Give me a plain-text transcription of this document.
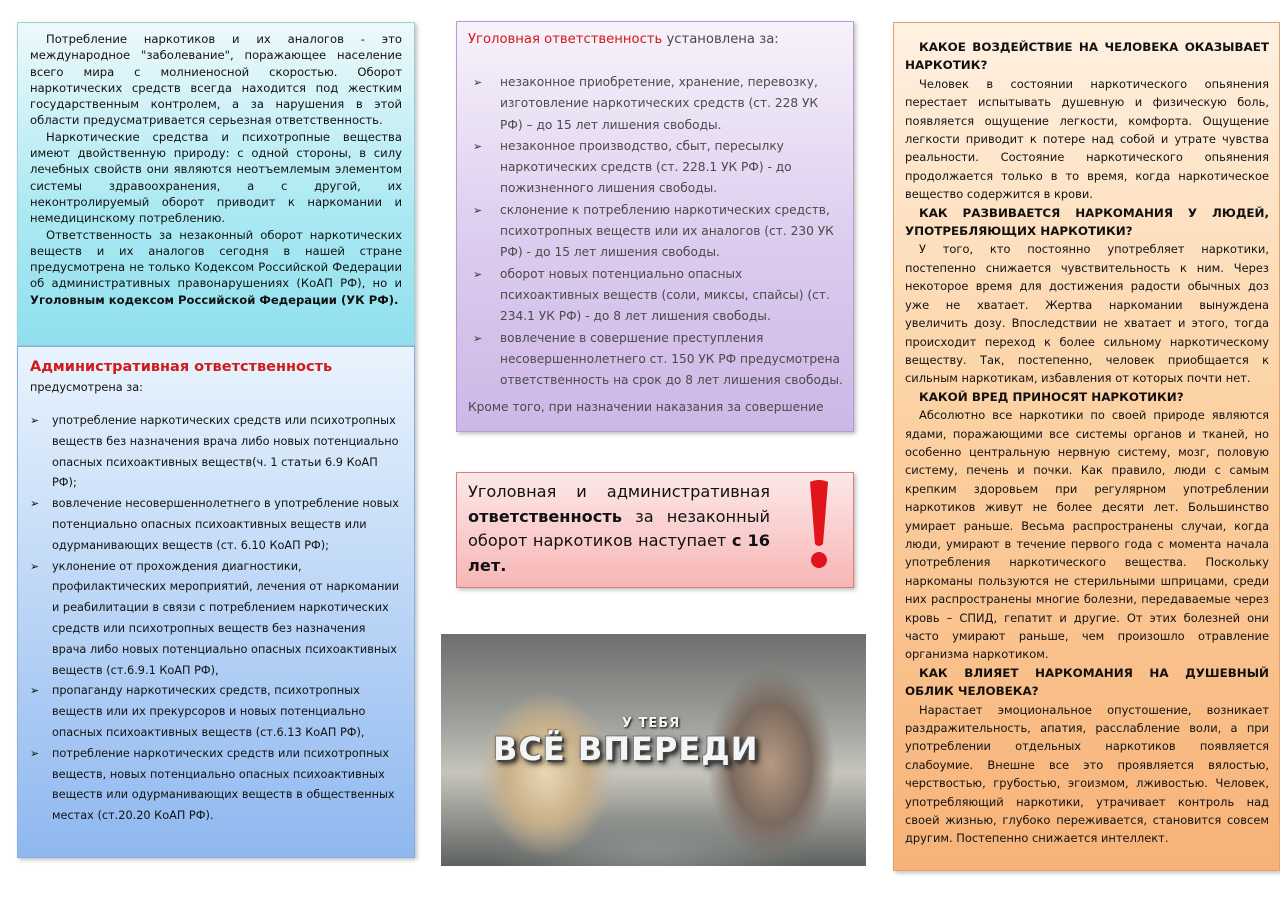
Потребление наркотиков и их аналогов - это международное "заболевание", поражающее население всего мира с молниеносной скоростью. Оборот наркотических средств всегда находится под жестким государственным контролем, а за нарушения в этой области предусматривается серьезная ответственность.

Наркотические средства и психотропные вещества имеют двойственную природу: с одной стороны, в силу лечебных свойств они являются неотъемлемым элементом системы здравоохранения, а с другой, их неконтролируемый оборот приводит к наркомании и немедицинскому потреблению.

Ответственность за незаконный оборот наркотических веществ и их аналогов сегодня в нашей стране предусмотрена не только Кодексом Российской Федерации об административных правонарушениях (КоАП РФ), но и Уголовным кодексом Российской Федерации (УК РФ).

Административная ответственность
предусмотрена за:
➢ употребление наркотических средств или психотропных веществ без назначения врача либо новых потенциально опасных психоактивных веществ(ч. 1 статьи 6.9 КоАП РФ);
➢ вовлечение несовершеннолетнего в употребление новых потенциально опасных психоактивных веществ или одурманивающих веществ (ст. 6.10 КоАП РФ);
➢ уклонение от прохождения диагностики, профилактических мероприятий, лечения от наркомании и реабилитации в связи с потреблением наркотических средств или психотропных веществ без назначения врача либо новых потенциально опасных психоактивных веществ (ст.6.9.1 КоАП РФ),
➢ пропаганду наркотических средств, психотропных веществ или их прекурсоров и новых потенциально опасных психоактивных веществ (ст.6.13 КоАП РФ),
➢ потребление наркотических средств или психотропных веществ, новых потенциально опасных психоактивных веществ или одурманивающих веществ в общественных местах (ст.20.20 КоАП РФ).
Уголовная ответственность установлена за:
➢ незаконное приобретение, хранение, перевозку, изготовление наркотических средств (ст. 228 УК РФ) – до 15 лет лишения свободы.
➢ незаконное производство, сбыт, пересылку наркотических средств (ст. 228.1 УК РФ) - до пожизненного лишения свободы.
➢ склонение к потреблению наркотических средств, психотропных веществ или их аналогов (ст. 230 УК РФ) - до 15 лет лишения свободы.
➢ оборот новых потенциально опасных психоактивных веществ (соли, миксы, спайсы) (ст. 234.1 УК РФ) - до 8 лет лишения свободы.
➢ вовлечение в совершение преступления несовершеннолетнего ст. 150 УК РФ предусмотрена ответственность на срок до 8 лет лишения свободы.
Кроме того, при назначении наказания за совершение
Уголовная и административная ответственность за незаконный оборот наркотиков наступает с 16 лет.
У ТЕБЯ
ВСЁ ВПЕРЕДИ
КАКОЕ ВОЗДЕЙСТВИЕ НА ЧЕЛОВЕКА ОКАЗЫВАЕТ НАРКОТИК?

Человек в состоянии наркотического опьянения перестает испытывать душевную и физическую боль, появляется ощущение легкости, комфорта. Ощущение легкости приводит к потере над собой и утрате чувства реальности. Состояние наркотического опьянения продолжается только в то время, когда наркотическое вещество содержится в крови.

КАК РАЗВИВАЕТСЯ НАРКОМАНИЯ У ЛЮДЕЙ, УПОТРЕБЛЯЮЩИХ НАРКОТИКИ?

У того, кто постоянно употребляет наркотики, постепенно снижается чувствительность к ним. Через некоторое время для достижения радости обычных доз уже не хватает. Жертва наркомании вынуждена увеличить дозу. Впоследствии не хватает и этого, тогда происходит переход к более сильному наркотическому веществу. Так, постепенно, человек приобщается к сильным наркотикам, избавления от которых почти нет.

КАКОЙ ВРЕД ПРИНОСЯТ НАРКОТИКИ?

Абсолютно все наркотики по своей природе являются ядами, поражающими все системы органов и тканей, но особенно центральную нервную систему, мозг, половую систему, печень и почки. Как правило, люди с самым крепким здоровьем при регулярном употреблении наркотиков живут не более десяти лет. Большинство умирает раньше. Весьма распространены случаи, когда люди, умирают в течение первого года с момента начала употребления наркотического вещества. Поскольку наркоманы пользуются не стерильными шприцами, среди них распространены многие болезни, передаваемые через кровь – СПИД, гепатит и другие. От этих болезней они часто умирают раньше, чем произошло отравление организма наркотиком.

КАК ВЛИЯЕТ НАРКОМАНИЯ НА ДУШЕВНЫЙ ОБЛИК ЧЕЛОВЕКА?

Нарастает эмоциональное опустошение, возникает раздражительность, апатия, расслабление воли, а при употреблении отдельных наркотиков появляется слабоумие. Внешне все это проявляется вялостью, черствостью, грубостью, эгоизмом, лживостью. Человек, употребляющий наркотики, утрачивает контроль над своей жизнью, глубоко переживается, становится совсем другим. Постепенно снижается интеллект.
